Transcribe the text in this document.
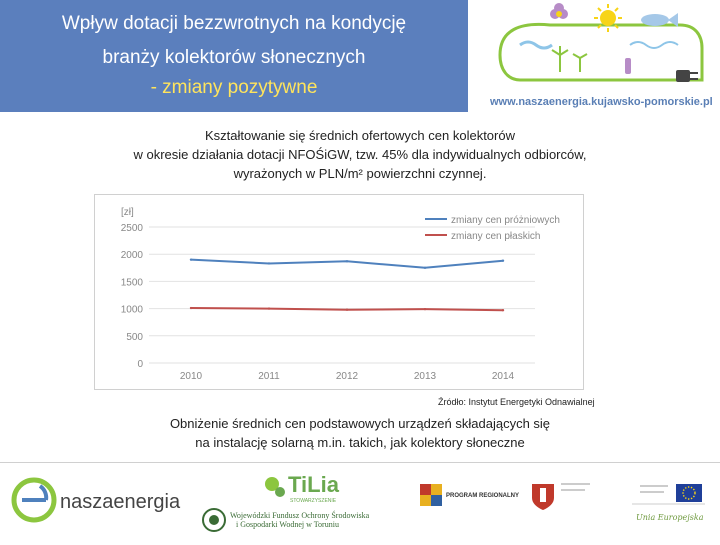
Wpływ dotacji bezzwrotnych na kondycję
branży kolektorów słonecznych
- zmiany pozytywne
www.naszaenergia.kujawsko-pomorskie.pl
Kształtowanie się średnich ofertowych cen kolektorów
w okresie działania dotacji NFOŚiGW, tzw. 45% dla indywidualnych odbiorców,
wyrażonych w PLN/m² powierzchni czynnej.
0
500
1000
1500
2000
2500
[zł]
2010	2011	2012	2013	2014
zmiany cen próżniowych
zmiany cen płaskich
Źródło: Instytut Energetyki Odnawialnej
Obniżenie średnich cen podstawowych urządzeń składających się
na instalację solarną m.in. takich, jak kolektory słoneczne
naszaenergia
TiLia
STOWARZYSZENIE
Wojewódzki Fundusz Ochrony Środowiska
i Gospodarki Wodnej w Toruniu
PROGRAM REGIONALNY
Unia Europejska
